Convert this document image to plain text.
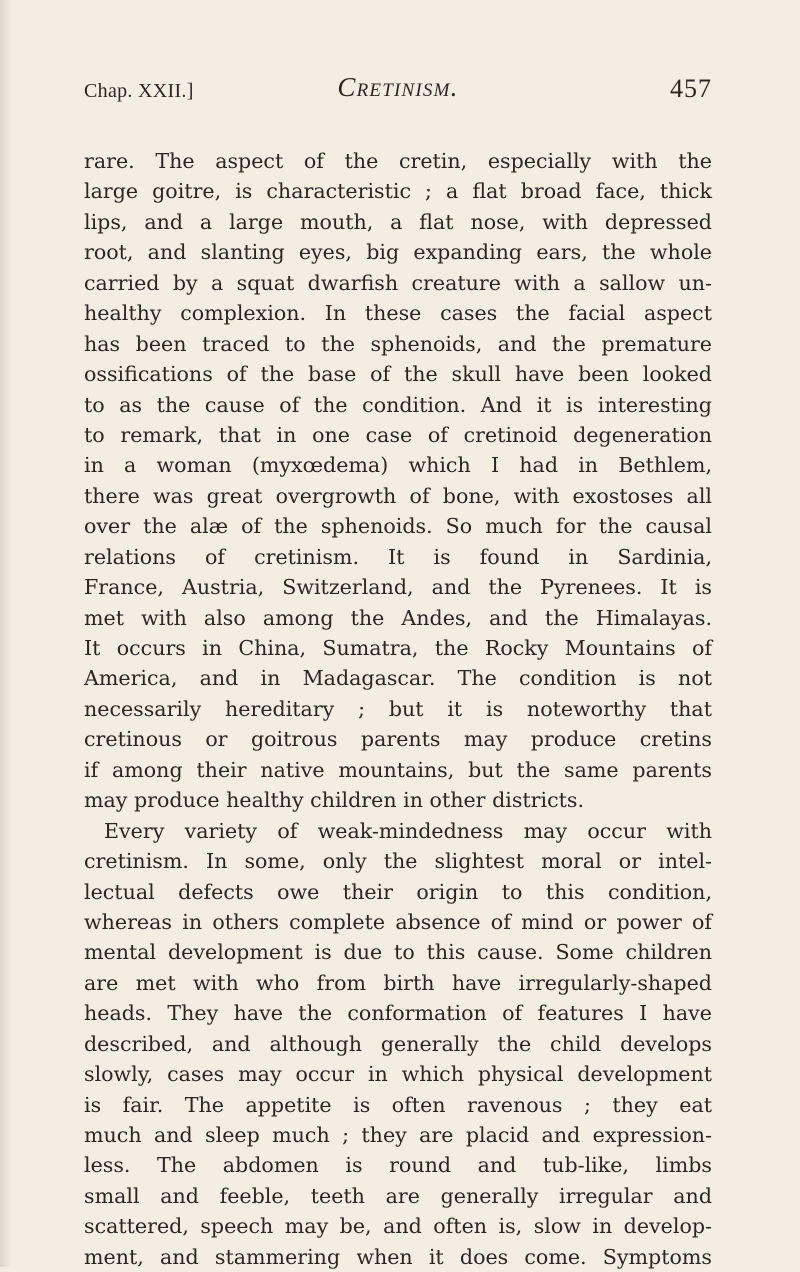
Chap. XXII.]	Cretinism.	457
rare. The aspect of the cretin, especially with the
large goitre, is characteristic ; a flat broad face, thick
lips, and a large mouth, a flat nose, with depressed
root, and slanting eyes, big expanding ears, the whole
carried by a squat dwarfish creature with a sallow un-
healthy complexion. In these cases the facial aspect
has been traced to the sphenoids, and the premature
ossifications of the base of the skull have been looked
to as the cause of the condition. And it is interesting
to remark, that in one case of cretinoid degeneration
in a woman (myxœdema) which I had in Bethlem,
there was great overgrowth of bone, with exostoses all
over the alæ of the sphenoids. So much for the causal
relations of cretinism. It is found in Sardinia,
France, Austria, Switzerland, and the Pyrenees. It is
met with also among the Andes, and the Himalayas.
It occurs in China, Sumatra, the Rocky Mountains of
America, and in Madagascar. The condition is not
necessarily hereditary ; but it is noteworthy that
cretinous or goitrous parents may produce cretins
if among their native mountains, but the same parents
may produce healthy children in other districts.
Every variety of weak-mindedness may occur with
cretinism. In some, only the slightest moral or intel-
lectual defects owe their origin to this condition,
whereas in others complete absence of mind or power of
mental development is due to this cause. Some children
are met with who from birth have irregularly-shaped
heads. They have the conformation of features I have
described, and although generally the child develops
slowly, cases may occur in which physical development
is fair. The appetite is often ravenous ; they eat
much and sleep much ; they are placid and expression-
less. The abdomen is round and tub-like, limbs
small and feeble, teeth are generally irregular and
scattered, speech may be, and often is, slow in develop-
ment, and stammering when it does come. Symptoms
